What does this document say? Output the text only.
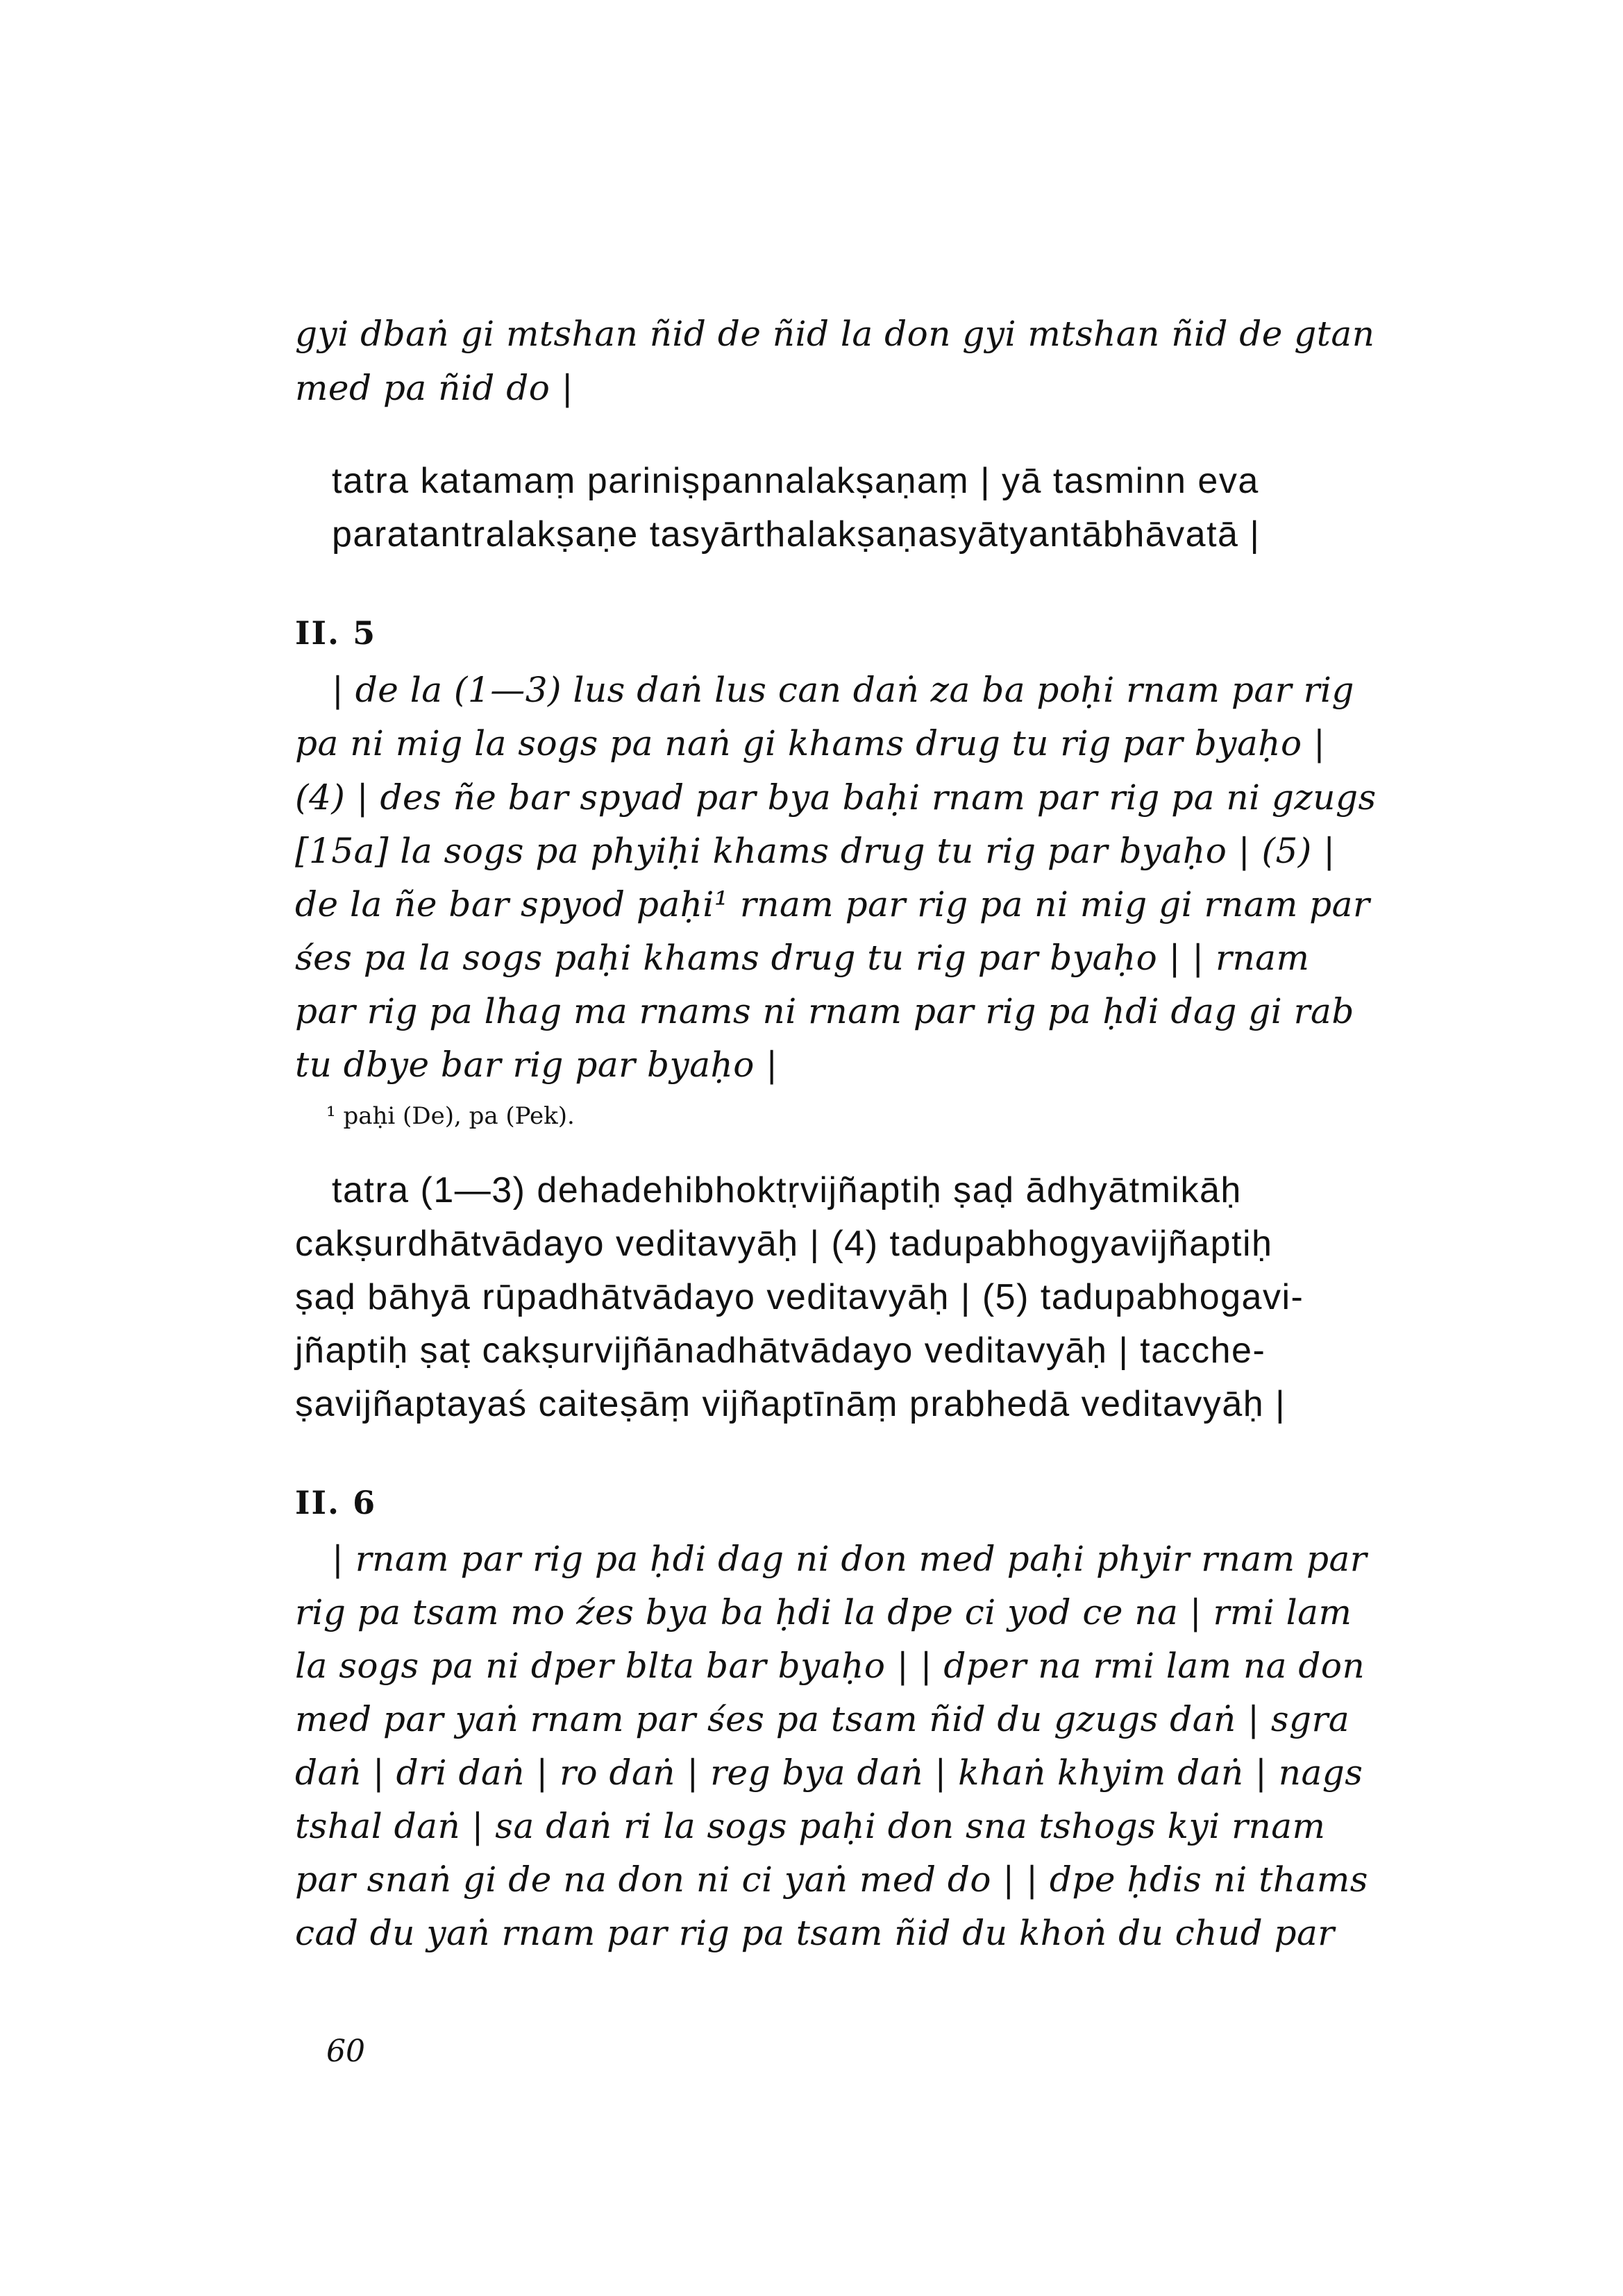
gyi dbaṅ gi mtshan ñid de ñid la don gyi mtshan ñid de gtan

med pa ñid do |

tatra katamaṃ pariniṣpannalakṣaṇaṃ | yā tasminn eva

paratantralakṣaṇe tasyārthalakṣaṇasyātyantābhāvatā |

II. 5

| de la (1—3) lus daṅ lus can daṅ za ba poḥi rnam par rig

pa ni mig la sogs pa naṅ gi khams drug tu rig par byaḥo |

(4) | des ñe bar spyad par bya baḥi rnam par rig pa ni gzugs

[15a] la sogs pa phyiḥi khams drug tu rig par byaḥo | (5) |

de la ñe bar spyod paḥi¹ rnam par rig pa ni mig gi rnam par

śes pa la sogs paḥi khams drug tu rig par byaḥo | | rnam

par rig pa lhag ma rnams ni rnam par rig pa ḥdi dag gi rab

tu dbye bar rig par byaḥo |

¹ paḥi (De), pa (Pek).

tatra (1—3) dehadehibhoktṛvijñaptiḥ ṣaḍ ādhyātmikāḥ

cakṣurdhātvādayo veditavyāḥ | (4) tadupabhogyavijñaptiḥ

ṣaḍ bāhyā rūpadhātvādayo veditavyāḥ | (5) tadupabhogavi-

jñaptiḥ ṣaṭ cakṣurvijñānadhātvādayo veditavyāḥ | tacche-

ṣavijñaptayaś caiteṣāṃ vijñaptīnāṃ prabhedā veditavyāḥ |

II. 6

| rnam par rig pa ḥdi dag ni don med paḥi phyir rnam par

rig pa tsam mo źes bya ba ḥdi la dpe ci yod ce na | rmi lam

la sogs pa ni dper blta bar byaḥo | | dper na rmi lam na don

med par yaṅ rnam par śes pa tsam ñid du gzugs daṅ | sgra

daṅ | dri daṅ | ro daṅ | reg bya daṅ | khaṅ khyim daṅ | nags

tshal daṅ | sa daṅ ri la sogs paḥi don sna tshogs kyi rnam

par snaṅ gi de na don ni ci yaṅ med do | | dpe ḥdis ni thams

cad du yaṅ rnam par rig pa tsam ñid du khoṅ du chud par

60
